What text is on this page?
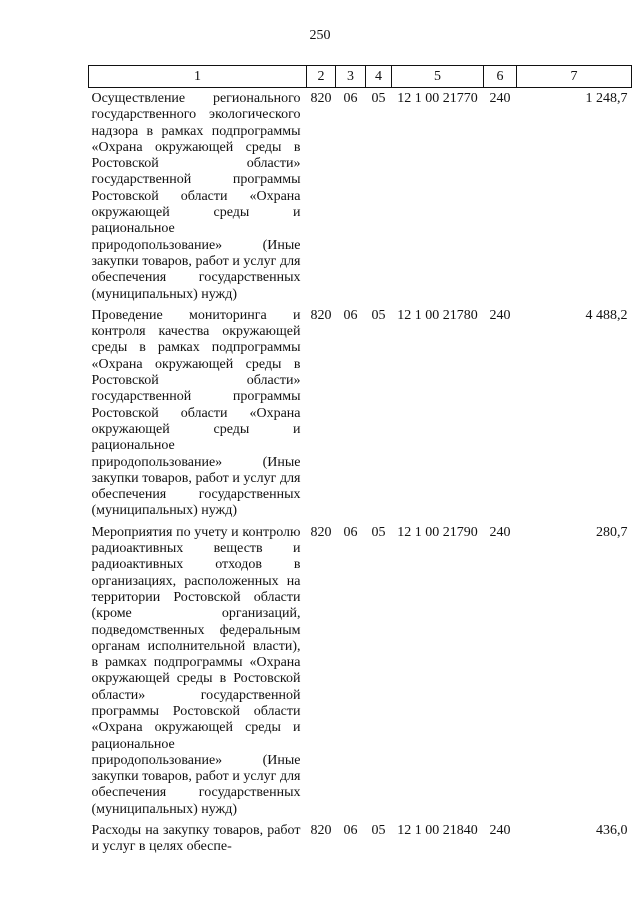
250
1	2	3	4	5	6	7
Осуществление регионального государственного экологического надзора в рамках подпрограммы «Охрана окружающей среды в Ростовской области» государственной программы Ростовской области «Охрана окружающей среды и рациональное природопользование» (Иные закупки товаров, работ и услуг для обеспечения государственных (муниципальных) нужд)	820	06	05	12 1 00 21770	240	1 248,7
Проведение мониторинга и контроля качества окружающей среды в рамках подпрограммы «Охрана окружающей среды в Ростовской области» государственной программы Ростовской области «Охрана окружающей среды и рациональное природопользование» (Иные закупки товаров, работ и услуг для обеспечения государственных (муниципальных) нужд)	820	06	05	12 1 00 21780	240	4 488,2
Мероприятия по учету и контролю радиоактивных веществ и радиоактивных отходов в организациях, расположенных на территории Ростовской области (кроме организаций, подведомственных федеральным органам исполнительной власти), в рамках подпрограммы «Охрана окружающей среды в Ростовской области» государственной программы Ростовской области «Охрана окружающей среды и рациональное природопользование» (Иные закупки товаров, работ и услуг для обеспечения государственных (муниципальных) нужд)	820	06	05	12 1 00 21790	240	280,7
Расходы на закупку товаров, работ и услуг в целях обеспе-	820	06	05	12 1 00 21840	240	436,0
